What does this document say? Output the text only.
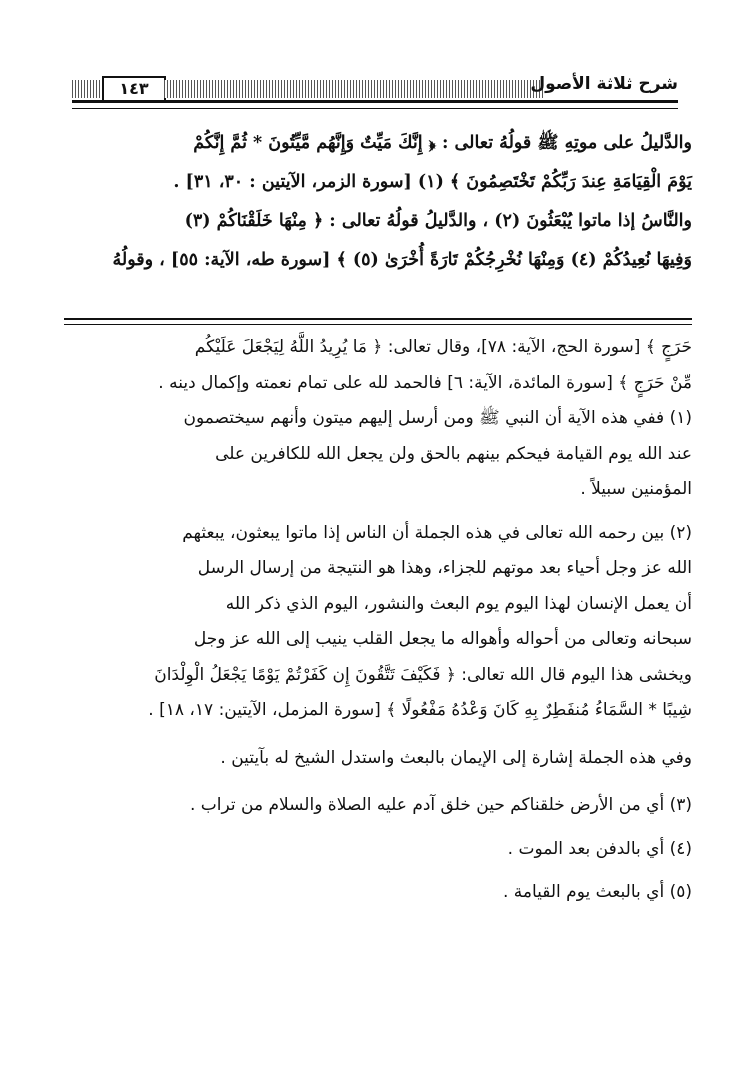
١٤٣	شرح ثلاثة الأصول

والدَّليلُ على موتِهِ ﷺ قولُهُ تعالى : ﴿ إِنَّكَ مَيِّتٌ وَإِنَّهُم مَّيِّتُونَ * ثُمَّ إِنَّكُمْ

يَوْمَ الْقِيَامَةِ عِندَ رَبِّكُمْ تَخْتَصِمُونَ ﴾ (١) [سورة الزمر، الآيتين : ٣٠، ٣١] .

والنَّاسُ إذا ماتوا يُبْعَثُونَ (٢) ، والدَّليلُ قولُهُ تعالى : ﴿ مِنْهَا خَلَقْنَاكُمْ (٣)

وَفِيهَا نُعِيدُكُمْ (٤) وَمِنْهَا نُخْرِجُكُمْ تَارَةً أُخْرَىٰ (٥) ﴾ [سورة طه، الآية: ٥٥] ، وقولُهُ

حَرَجٍ ﴾ [سورة الحج، الآية: ٧٨]، وقال تعالى: ﴿ مَا يُرِيدُ اللَّهُ لِيَجْعَلَ عَلَيْكُم

مِّنْ حَرَجٍ ﴾ [سورة المائدة، الآية: ٦] فالحمد لله على تمام نعمته وإكمال دينه .

(١) ففي هذه الآية أن النبي ﷺ ومن أرسل إليهم ميتون وأنهم سيختصمون

عند الله يوم القيامة فيحكم بينهم بالحق ولن يجعل الله للكافرين على

المؤمنين سبيلاً .

(٢) بين رحمه الله تعالى في هذه الجملة أن الناس إذا ماتوا يبعثون، يبعثهم

الله عز وجل أحياء بعد موتهم للجزاء، وهذا هو النتيجة من إرسال الرسل

أن يعمل الإنسان لهذا اليوم يوم البعث والنشور، اليوم الذي ذكر الله

سبحانه وتعالى من أحواله وأهواله ما يجعل القلب ينيب إلى الله عز وجل

ويخشى هذا اليوم قال الله تعالى: ﴿ فَكَيْفَ تَتَّقُونَ إِن كَفَرْتُمْ يَوْمًا يَجْعَلُ الْوِلْدَانَ

شِيبًا * السَّمَاءُ مُنفَطِرٌ بِهِ كَانَ وَعْدُهُ مَفْعُولًا ﴾ [سورة المزمل، الآيتين: ١٧، ١٨] .

وفي هذه الجملة إشارة إلى الإيمان بالبعث واستدل الشيخ له بآيتين .

(٣) أي من الأرض خلقناكم حين خلق آدم عليه الصلاة والسلام من تراب .

(٤) أي بالدفن بعد الموت .

(٥) أي بالبعث يوم القيامة .
